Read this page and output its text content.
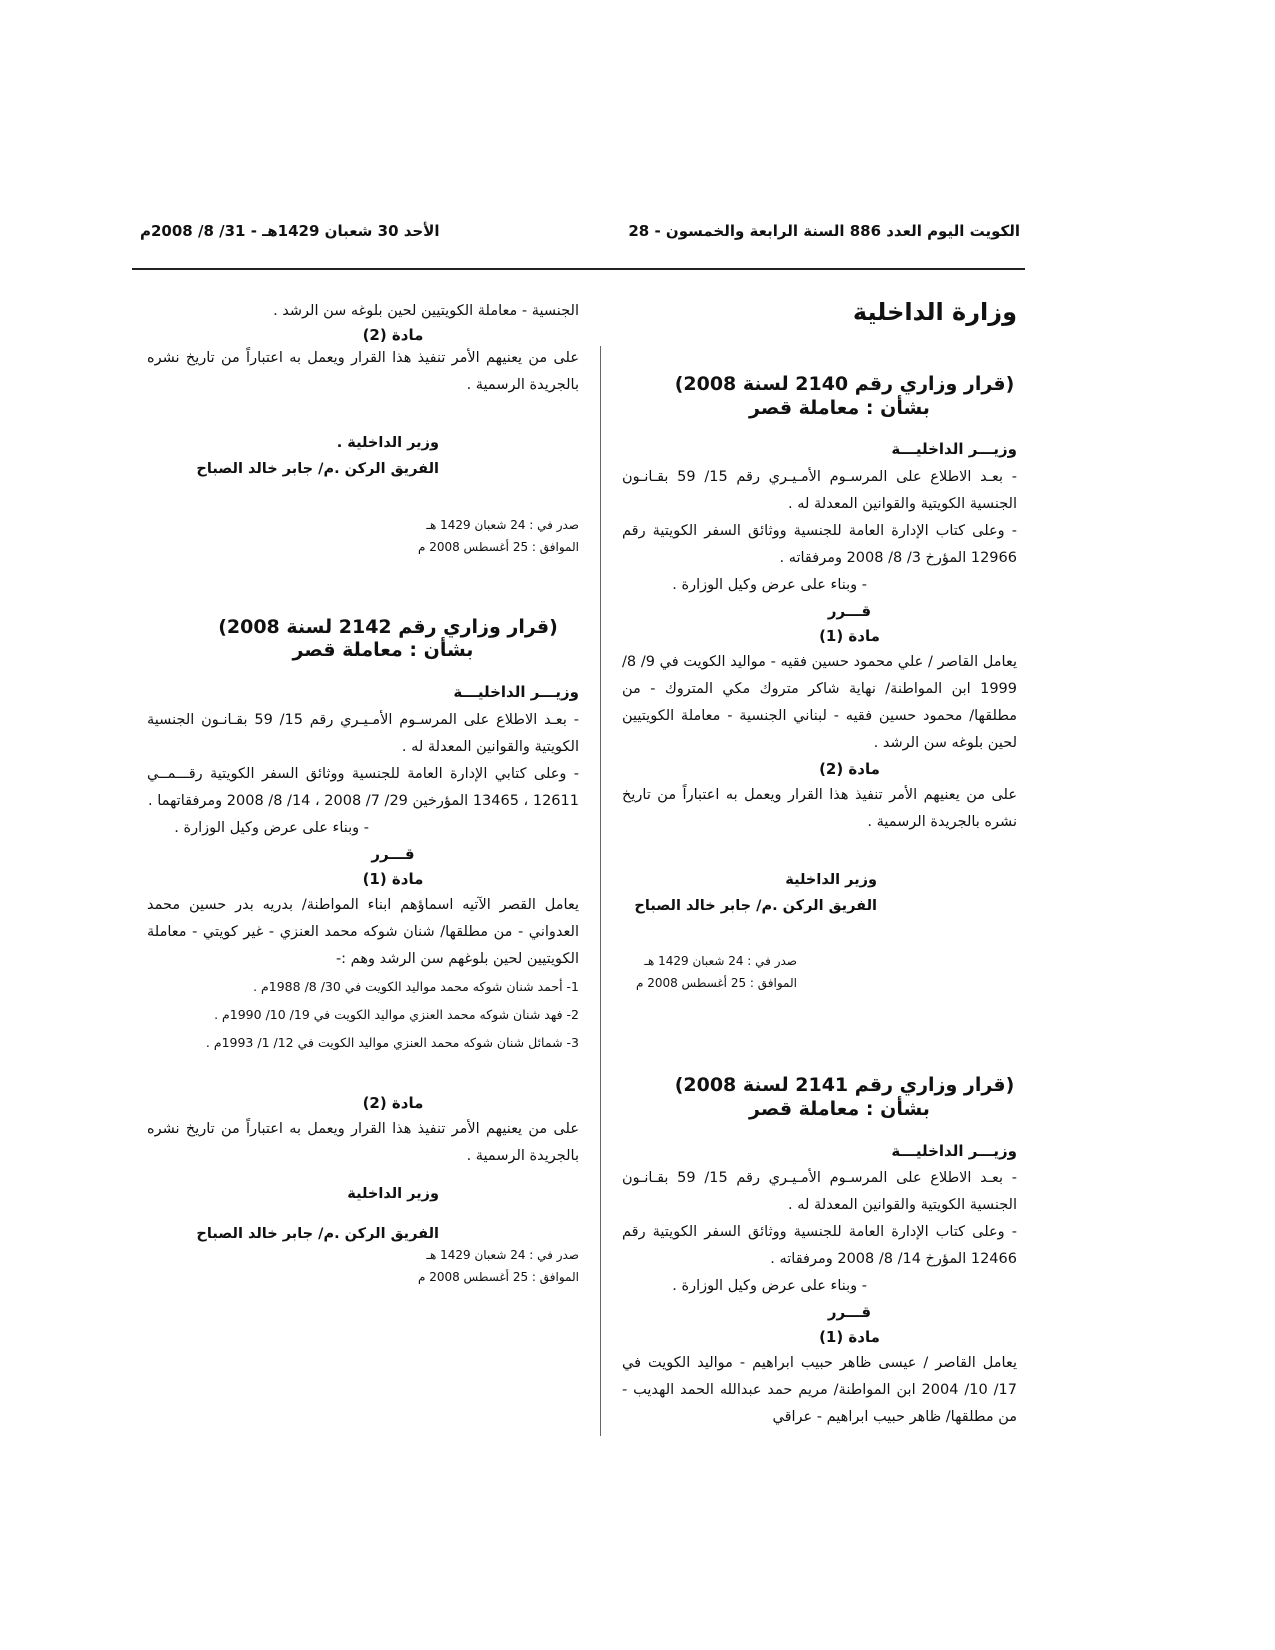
الكويت اليوم العدد 886 السنة الرابعة والخمسون - 28
الأحد 30 شعبان 1429هـ - 31/ 8/ 2008م
وزارة الداخلية

(قرار وزاري رقم 2140 لسنة 2008)

بشأن : معاملة قصر

وزيـــر الداخليـــة

- بعـد الاطلاع على المرسـوم الأمـيـري رقم 15/ 59 بقـانـون الجنسية الكويتية والقوانين المعدلة له .

- وعلى كتاب الإدارة العامة للجنسية ووثائق السفر الكويتية رقم 12966 المؤرخ 3/ 8/ 2008 ومرفقاته .

- وبناء على عرض وكيل الوزارة .

قـــرر

مادة (1)

يعامل القاصر / علي محمود حسين فقيه - مواليد الكويت في 9/ 8/ 1999 ابن المواطنة/ نهاية شاكر متروك مكي المتروك - من مطلقها/ محمود حسين فقيه - لبناني الجنسية - معاملة الكويتيين لحين بلوغه سن الرشد .

مادة (2)

على من يعنيهم الأمر تنفيذ هذا القرار ويعمل به اعتباراً من تاريخ نشره بالجريدة الرسمية .

وزير الداخلية

الفريق الركن .م/ جابر خالد الصباح

صدر في : 24 شعبان 1429 هـ

الموافق : 25 أغسطس 2008 م

(قرار وزاري رقم 2141 لسنة 2008)

بشأن : معاملة قصر

وزيـــر الداخليـــة

- بعـد الاطلاع على المرسـوم الأمـيـري رقم 15/ 59 بقـانـون الجنسية الكويتية والقوانين المعدلة له .

- وعلى كتاب الإدارة العامة للجنسية ووثائق السفر الكويتية رقم 12466 المؤرخ 14/ 8/ 2008 ومرفقاته .

- وبناء على عرض وكيل الوزارة .

قـــرر

مادة (1)

يعامل القاصر / عيسى ظاهر حبيب ابراهيم - مواليد الكويت في 17/ 10/ 2004 ابن المواطنة/ مريم حمد عبدالله الحمد الهديب - من مطلقها/ ظاهر حبيب ابراهيم - عراقي

الجنسية - معاملة الكويتيين لحين بلوغه سن الرشد .

مادة (2)

على من يعنيهم الأمر تنفيذ هذا القرار ويعمل به اعتباراً من تاريخ نشره بالجريدة الرسمية .

وزير الداخلية .

الفريق الركن .م/ جابر خالد الصباح

صدر في : 24 شعبان 1429 هـ

الموافق : 25 أغسطس 2008 م

(قرار وزاري رقم 2142 لسنة 2008)

بشأن : معاملة قصر

وزيـــر الداخليـــة

- بعـد الاطلاع على المرسـوم الأمـيـري رقم 15/ 59 بقـانـون الجنسية الكويتية والقوانين المعدلة له .

- وعلى كتابي الإدارة العامة للجنسية ووثائق السفر الكويتية رقـــمــي 12611 ، 13465 المؤرخين 29/ 7/ 2008 ، 14/ 8/ 2008 ومرفقاتهما .

- وبناء على عرض وكيل الوزارة .

قـــرر

مادة (1)

يعامل القصر الآتيه اسماؤهم ابناء المواطنة/ بدريه بدر حسين محمد العدواني - من مطلقها/ شنان شوكه محمد العنزي - غير كويتي - معاملة الكويتيين لحين بلوغهم سن الرشد وهم :-

1- أحمد شنان شوكه محمد مواليد الكويت في 30/ 8/ 1988م .

2- فهد شنان شوكه محمد العنزي مواليد الكويت في 19/ 10/ 1990م .

3- شمائل شنان شوكه محمد العنزي مواليد الكويت في 12/ 1/ 1993م .

مادة (2)

على من يعنيهم الأمر تنفيذ هذا القرار ويعمل به اعتباراً من تاريخ نشره بالجريدة الرسمية .

وزير الداخلية

الفريق الركن .م/ جابر خالد الصباح

صدر في : 24 شعبان 1429 هـ

الموافق : 25 أغسطس 2008 م
